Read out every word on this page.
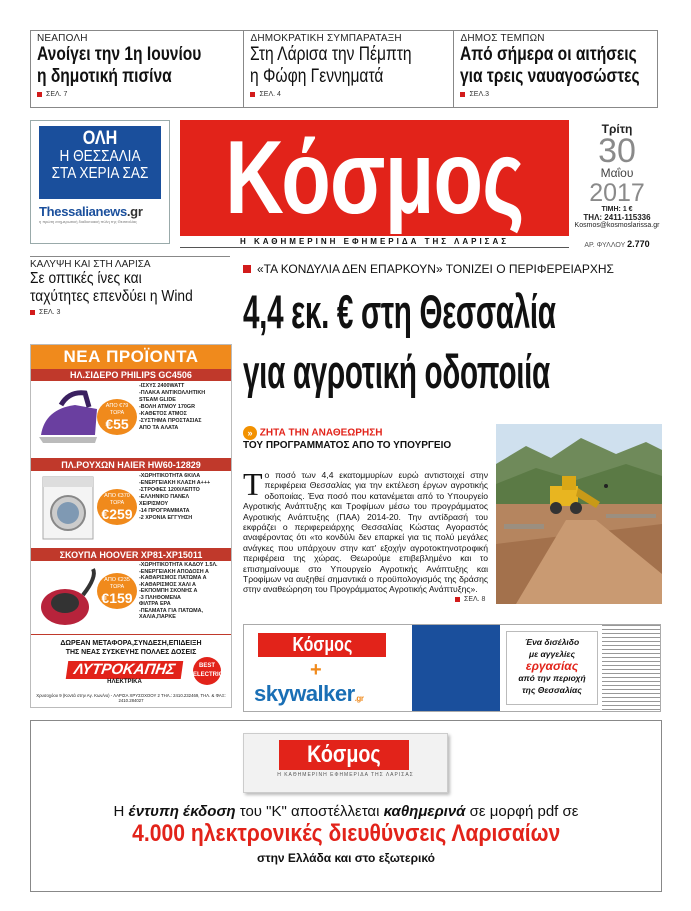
ΝΕΑΠΟΛΗ
Ανοίγει την 1η Ιουνίου
η δημοτική πισίνα
ΣΕΛ. 7
ΔΗΜΟΚΡΑΤΙΚΗ ΣΥΜΠΑΡΑΤΑΞΗ
Στη Λάρισα την Πέμπτη
η Φώφη Γεννηματά
ΣΕΛ. 4
ΔΗΜΟΣ ΤΕΜΠΩΝ
Από σήμερα οι αιτήσεις
για τρεις ναυαγοσώστες
ΣΕΛ.3
ΟΛΗ
Η ΘΕΣΣΑΛΙΑ
ΣΤΑ ΧΕΡΙΑ ΣΑΣ
Thessalianews.gr
η πρώτη ενημερωτική διαδικτυακή πύλη της Θεσσαλίας Κόσμος
Η ΚΑΘΗΜΕΡΙΝΗ ΕΦΗΜΕΡΙΔΑ ΤΗΣ ΛΑΡΙΣΑΣ
Τρίτη
30
Μαΐου
2017
ΤΙΜΗ: 1 €
ΤΗΛ: 2411-115336
Kosmos@kosmoslarissa.gr
ΑΡ. ΦΥΛΛΟΥ 2.770
ΚΑΛΥΨΗ ΚΑΙ ΣΤΗ ΛΑΡΙΣΑ
Σε οπτικές ίνες και
ταχύτητες επενδύει η Wind
ΣΕΛ. 3
«ΤΑ ΚΟΝΔΥΛΙΑ ΔΕΝ ΕΠΑΡΚΟΥΝ» ΤΟΝΙΖΕΙ Ο ΠΕΡΙΦΕΡΕΙΑΡΧΗΣ
4,4 εκ. € στη Θεσσαλία
για αγροτική οδοποιία
» ΖΗΤΑ ΤΗΝ ΑΝΑΘΕΩΡΗΣΗ
ΤΟΥ ΠΡΟΓΡΑΜΜΑΤΟΣ ΑΠΟ ΤΟ ΥΠΟΥΡΓΕΙΟ
Το ποσό των 4,4 εκατομμυρίων ευρώ αντιστοιχεί στην περιφέρεια Θεσσαλίας για την εκτέλεση έργων αγροτικής οδοποιίας. Ένα ποσό που κατανέμεται από το Υπουργείο Αγροτικής Ανάπτυξης και Τροφίμων μέσω του προγράμματος Αγροτικής Ανάπτυξης (ΠΑΑ) 2014-20. Την αντίδρασή του εκφράζει ο περιφερειάρχης Θεσσαλίας Κώστας Αγοραστός αναφέροντας ότι «το κονδύλι δεν επαρκεί για τις πολύ μεγάλες ανάγκες που υπάρχουν στην κατ' εξοχήν αγροτοκτηνοτροφική περιφέρεια της χώρας. Θεωρούμε επιβεβλημένο και το επισημαίνουμε στο Υπουργείο Αγροτικής Ανάπτυξης και Τροφίμων να αυξηθεί σημαντικά ο προϋπολογισμός της δράσης στην αναθεώρηση του Προγράμματος Αγροτικής Ανάπτυξης».
ΣΕΛ. 8
ΝΕΑ ΠΡΟΪΟΝΤΑ
ΗΛ.ΣΙΔΕΡΟ PHILIPS GC4506
ΑΠΟ €79
ΤΩΡΑ
€55
-ΙΣΧΥΣ 2400WATT
-ΠΛΑΚΑ ΑΝΤΙΚΟΛΛΗΤΙΚΗ
STEAM GLIDE
-ΒΟΛΗ ΑΤΜΟΥ 170GR
-ΚΑΘΕΤΟΣ ΑΤΜΟΣ
-ΣΥΣΤΗΜΑ ΠΡΟΣΤΑΣΙΑΣ
ΑΠΟ ΤΑ ΑΛΑΤΑ
ΠΛ.ΡΟΥΧΩΝ HAIER HW60-12829
ΑΠΟ €370
ΤΩΡΑ
€259
-ΧΩΡΗΤΙΚΟΤΗΤΑ 6ΚΙΛΑ
-ΕΝΕΡΓΕΙΑΚΗ ΚΛΑΣΗ Α+++
-ΣΤΡΟΦΕΣ 1200/ΛΕΠΤΟ
-ΕΛΛΗΝΙΚΟ ΠΑΝΕΛ
ΧΕΙΡΙΣΜΟΥ
-14 ΠΡΟΓΡΑΜΜΑΤΑ
-2 ΧΡΟΝΙΑ ΕΓΓΥΗΣΗ
ΣΚΟΥΠΑ HOOVER XP81-XP15011
ΑΠΟ €235
ΤΩΡΑ
€159
-ΧΩΡΗΤΙΚΟΤΗΤΑ ΚΑΔΟΥ 1.5Λ.
-ΕΝΕΡΓΕΙΑΚΗ ΑΠΟΔΟΣΗ Α
-ΚΑΘΑΡΙΣΜΟΣ ΠΑΤΩΜΑ Α
-ΚΑΘΑΡΙΣΜΟΣ ΧΑΛΙ Α
-ΕΚΠΟΜΠΗ ΣΚΟΝΗΣ Α
-3 ΠΛΗΘΟΜΕΝΑ
ΦΙΛΤΡΑ ΕΡΑ
-ΠΕΛΜΑΤΑ ΓΙΑ ΠΑΤΩΜΑ,
ΧΑΛΙΑ,ΠΑΡΚΕ
ΔΩΡΕΑΝ ΜΕΤΑΦΟΡΑ,ΣΥΝΔΕΣΗ,ΕΠΙΔΕΙΞΗ
ΤΗΣ ΝΕΑΣ ΣΥΣΚΕΥΗΣ ΠΟΛΛΕΣ ΔΟΣΕΙΣ
ΛΥΤΡΟΚΑΠΗΣ
ΗΛΕΚΤΡΙΚΑ
BEST ELECTRIC
Χρυσοχόου 9 (Κοντά στην Αγ. Κων/νο) - ΛΑΡΙΣΑ ΧΡΥΣΟΧΟΟΥ 2 ΤΗΛ.: 2410.232469, ΤΗΛ. & ΦΑΞ: 2410.284027
Κόσμος
+
skywalker.gr
Ένα δισέλιδο
με αγγελίες
εργασίας
από την περιοχή
της Θεσσαλίας
Κόσμος
Η ΚΑΘΗΜΕΡΙΝΗ ΕΦΗΜΕΡΙΔΑ ΤΗΣ ΛΑΡΙΣΑΣ
Η έντυπη έκδοση του "Κ" αποστέλλεται καθημερινά σε μορφή pdf σε
4.000 ηλεκτρονικές διευθύνσεις Λαρισαίων
στην Ελλάδα και στο εξωτερικό
